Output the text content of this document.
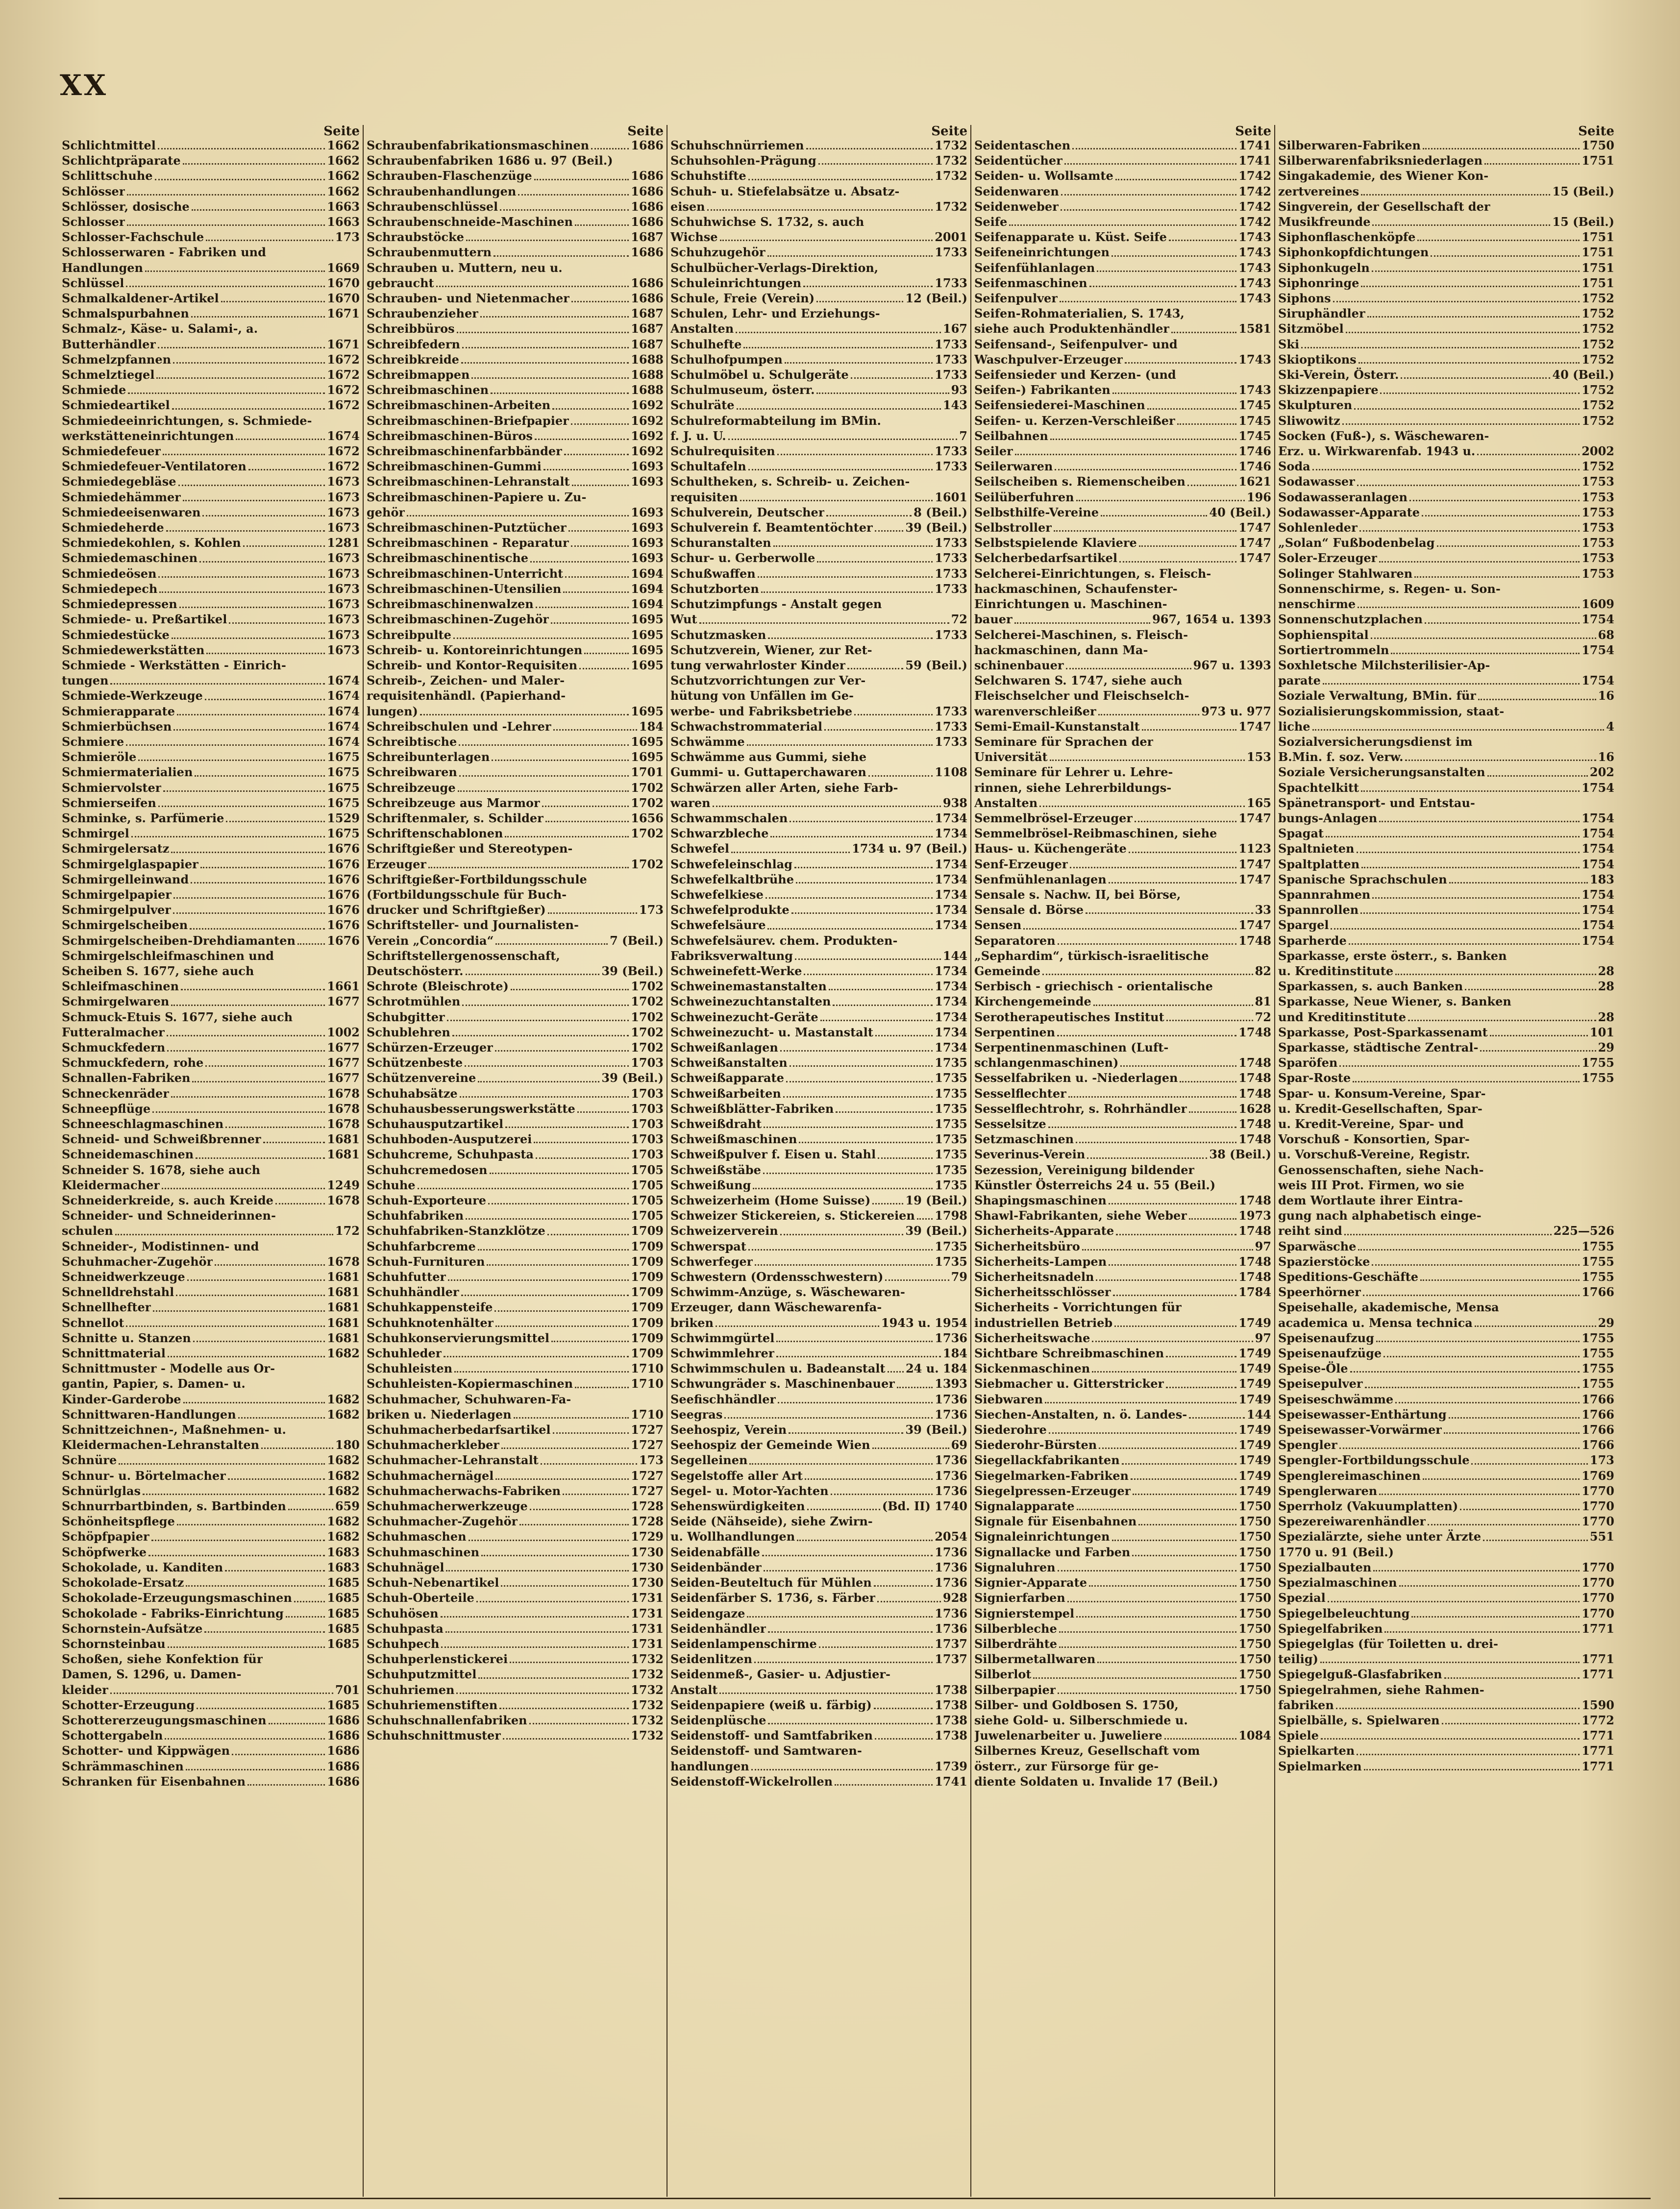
XX
Seite
Schlichtmittel	1662
Schlichtpräparate	1662
Schlittschuhe	1662
Schlösser	1662
Schlösser, dosische	1663
Schlosser	1663
Schlosser-Fachschule	173
Schlosserwaren - Fabriken und
Handlungen	1669
Schlüssel	1670
Schmalkaldener-Artikel	1670
Schmalspurbahnen	1671
Schmalz-, Käse- u. Salami-, a.
Butterhändler	1671
Schmelzpfannen	1672
Schmelztiegel	1672
Schmiede	1672
Schmiedeartikel	1672
Schmiedeeinrichtungen, s. Schmiede-
werkstätteneinrichtungen	1674
Schmiedefeuer	1672
Schmiedefeuer-Ventilatoren	1672
Schmiedegebläse	1673
Schmiedehämmer	1673
Schmiedeeisenwaren	1673
Schmiedeherde	1673
Schmiedekohlen, s. Kohlen	1281
Schmiedemaschinen	1673
Schmiedeösen	1673
Schmiedepech	1673
Schmiedepressen	1673
Schmiede- u. Preßartikel	1673
Schmiedestücke	1673
Schmiedewerkstätten	1673
Schmiede - Werkstätten - Einrich-
tungen	1674
Schmiede-Werkzeuge	1674
Schmierapparate	1674
Schmierbüchsen	1674
Schmiere	1674
Schmieröle	1675
Schmiermaterialien	1675
Schmiervolster	1675
Schmierseifen	1675
Schminke, s. Parfümerie	1529
Schmirgel	1675
Schmirgelersatz	1676
Schmirgelglaspapier	1676
Schmirgelleinwand	1676
Schmirgelpapier	1676
Schmirgelpulver	1676
Schmirgelscheiben	1676
Schmirgelscheiben-Drehdiamanten	1676
Schmirgelschleifmaschinen und
Scheiben S. 1677, siehe auch
Schleifmaschinen	1661
Schmirgelwaren	1677
Schmuck-Etuis S. 1677, siehe auch
Futteralmacher	1002
Schmuckfedern	1677
Schmuckfedern, rohe	1677
Schnallen-Fabriken	1677
Schneckenräder	1678
Schneepflüge	1678
Schneeschlagmaschinen	1678
Schneid- und Schweißbrenner	1681
Schneidemaschinen	1681
Schneider S. 1678, siehe auch
Kleidermacher	1249
Schneiderkreide, s. auch Kreide	1678
Schneider- und Schneiderinnen-
schulen	172
Schneider-, Modistinnen- und
Schuhmacher-Zugehör	1678
Schneidwerkzeuge	1681
Schnelldrehstahl	1681
Schnellhefter	1681
Schnellot	1681
Schnitte u. Stanzen	1681
Schnittmaterial	1682
Schnittmuster - Modelle aus Or-
gantin, Papier, s. Damen- u.
Kinder-Garderobe	1682
Schnittwaren-Handlungen	1682
Schnittzeichnen-, Maßnehmen- u.
Kleidermachen-Lehranstalten	180
Schnüre	1682
Schnur- u. Börtelmacher	1682
Schnürlglas	1682
Schnurrbartbinden, s. Bartbinden	659
Schönheitspflege	1682
Schöpfpapier	1682
Schöpfwerke	1683
Schokolade, u. Kanditen	1683
Schokolade-Ersatz	1685
Schokolade-Erzeugungsmaschinen	1685
Schokolade - Fabriks-Einrichtung	1685
Schornstein-Aufsätze	1685
Schornsteinbau	1685
Schoßen, siehe Konfektion für
Damen, S. 1296, u. Damen-
kleider	701
Schotter-Erzeugung	1685
Schottererzeugungsmaschinen	1686
Schottergabeln	1686
Schotter- und Kippwägen	1686
Schrämmaschinen	1686
Schranken für Eisenbahnen	1686
Seite
Schraubenfabrikationsmaschinen	1686
Schraubenfabriken 1686 u. 97 (Beil.)
Schrauben-Flaschenzüge	1686
Schraubenhandlungen	1686
Schraubenschlüssel	1686
Schraubenschneide-Maschinen	1686
Schraubstöcke	1687
Schraubenmuttern	1686
Schrauben u. Muttern, neu u.
gebraucht	1686
Schrauben- und Nietenmacher	1686
Schraubenzieher	1687
Schreibbüros	1687
Schreibfedern	1687
Schreibkreide	1688
Schreibmappen	1688
Schreibmaschinen	1688
Schreibmaschinen-Arbeiten	1692
Schreibmaschinen-Briefpapier	1692
Schreibmaschinen-Büros	1692
Schreibmaschinenfarbbänder	1692
Schreibmaschinen-Gummi	1693
Schreibmaschinen-Lehranstalt	1693
Schreibmaschinen-Papiere u. Zu-
gehör	1693
Schreibmaschinen-Putztücher	1693
Schreibmaschinen - Reparatur	1693
Schreibmaschinentische	1693
Schreibmaschinen-Unterricht	1694
Schreibmaschinen-Utensilien	1694
Schreibmaschinenwalzen	1694
Schreibmaschinen-Zugehör	1695
Schreibpulte	1695
Schreib- u. Kontoreinrichtungen	1695
Schreib- und Kontor-Requisiten	1695
Schreib-, Zeichen- und Maler-
requisitenhändl. (Papierhand-
lungen)	1695
Schreibschulen und -Lehrer	184
Schreibtische	1695
Schreibunterlagen	1695
Schreibwaren	1701
Schreibzeuge	1702
Schreibzeuge aus Marmor	1702
Schriftenmaler, s. Schilder	1656
Schriftenschablonen	1702
Schriftgießer und Stereotypen-
Erzeuger	1702
Schriftgießer-Fortbildungsschule
(Fortbildungsschule für Buch-
drucker und Schriftgießer)	173
Schriftsteller- und Journalisten-
Verein „Concordia“	7 (Beil.)
Schriftstellergenossenschaft,
Deutschösterr.	39 (Beil.)
Schrote (Bleischrote)	1702
Schrotmühlen	1702
Schubgitter	1702
Schublehren	1702
Schürzen-Erzeuger	1702
Schützenbeste	1703
Schützenvereine	39 (Beil.)
Schuhabsätze	1703
Schuhausbesserungswerkstätte	1703
Schuhausputzartikel	1703
Schuhboden-Ausputzerei	1703
Schuhcreme, Schuhpasta	1703
Schuhcremedosen	1705
Schuhe	1705
Schuh-Exporteure	1705
Schuhfabriken	1705
Schuhfabriken-Stanzklötze	1709
Schuhfarbcreme	1709
Schuh-Furnituren	1709
Schuhfutter	1709
Schuhhändler	1709
Schuhkappensteife	1709
Schuhknotenhälter	1709
Schuhkonservierungsmittel	1709
Schuhleder	1709
Schuhleisten	1710
Schuhleisten-Kopiermaschinen	1710
Schuhmacher, Schuhwaren-Fa-
briken u. Niederlagen	1710
Schuhmacherbedarfsartikel	1727
Schuhmacherkleber	1727
Schuhmacher-Lehranstalt	173
Schuhmachernägel	1727
Schuhmacherwachs-Fabriken	1727
Schuhmacherwerkzeuge	1728
Schuhmacher-Zugehör	1728
Schuhmaschen	1729
Schuhmaschinen	1730
Schuhnägel	1730
Schuh-Nebenartikel	1730
Schuh-Oberteile	1731
Schuhösen	1731
Schuhpasta	1731
Schuhpech	1731
Schuhperlenstickerei	1732
Schuhputzmittel	1732
Schuhriemen	1732
Schuhriemenstiften	1732
Schuhschnallenfabriken	1732
Schuhschnittmuster	1732
Seite
Schuhschnürriemen	1732
Schuhsohlen-Prägung	1732
Schuhstifte	1732
Schuh- u. Stiefelabsätze u. Absatz-
eisen	1732
Schuhwichse S. 1732, s. auch
Wichse	2001
Schuhzugehör	1733
Schulbücher-Verlags-Direktion,
Schuleinrichtungen	1733
Schule, Freie (Verein)	12 (Beil.)
Schulen, Lehr- und Erziehungs-
Anstalten	167
Schulhefte	1733
Schulhofpumpen	1733
Schulmöbel u. Schulgeräte	1733
Schulmuseum, österr.	93
Schulräte	143
Schulreformabteilung im BMin.
f. J. u. U.	7
Schulrequisiten	1733
Schultafeln	1733
Schultheken, s. Schreib- u. Zeichen-
requisiten	1601
Schulverein, Deutscher	8 (Beil.)
Schulverein f. Beamtentöchter	39 (Beil.)
Schuranstalten	1733
Schur- u. Gerberwolle	1733
Schußwaffen	1733
Schutzborten	1733
Schutzimpfungs - Anstalt gegen
Wut	72
Schutzmasken	1733
Schutzverein, Wiener, zur Ret-
tung verwahrloster Kinder	59 (Beil.)
Schutzvorrichtungen zur Ver-
hütung von Unfällen im Ge-
werbe- und Fabriksbetriebe	1733
Schwachstrommaterial	1733
Schwämme	1733
Schwämme aus Gummi, siehe
Gummi- u. Guttaperchawaren	1108
Schwärzen aller Arten, siehe Farb-
waren	938
Schwammschalen	1734
Schwarzbleche	1734
Schwefel	1734 u. 97 (Beil.)
Schwefeleinschlag	1734
Schwefelkaltbrühe	1734
Schwefelkiese	1734
Schwefelprodukte	1734
Schwefelsäure	1734
Schwefelsäurev. chem. Produkten-
Fabriksverwaltung	144
Schweinefett-Werke	1734
Schweinemastanstalten	1734
Schweinezuchtanstalten	1734
Schweinezucht-Geräte	1734
Schweinezucht- u. Mastanstalt	1734
Schweißanlagen	1734
Schweißanstalten	1735
Schweißapparate	1735
Schweißarbeiten	1735
Schweißblätter-Fabriken	1735
Schweißdraht	1735
Schweißmaschinen	1735
Schweißpulver f. Eisen u. Stahl	1735
Schweißstäbe	1735
Schweißung	1735
Schweizerheim (Home Suisse)	19 (Beil.)
Schweizer Stickereien, s. Stickereien 1798
Schweizerverein	39 (Beil.)
Schwerspat	1735
Schwerfeger	1735
Schwestern (Ordensschwestern)	79
Schwimm-Anzüge, s. Wäschewaren-
Erzeuger, dann Wäschewarenfa-
briken	1943 u. 1954
Schwimmgürtel	1736
Schwimmlehrer	184
Schwimmschulen u. Badeanstalt 24 u. 184
Schwungräder s. Maschinenbauer	1393
Seefischhändler	1736
Seegras	1736
Seehospiz, Verein	39 (Beil.)
Seehospiz der Gemeinde Wien	69
Segelleinen	1736
Segelstoffe aller Art	1736
Segel- u. Motor-Yachten	1736
Sehenswürdigkeiten	(Bd. II) 1740
Seide (Nähseide), siehe Zwirn-
u. Wollhandlungen	2054
Seidenabfälle	1736
Seidenbänder	1736
Seiden-Beuteltuch für Mühlen	1736
Seidenfärber S. 1736, s. Färber	928
Seidengaze	1736
Seidenhändler	1736
Seidenlampenschirme	1737
Seidenlitzen	1737
Seidenmeß-, Gasier- u. Adjustier-
Anstalt	1738
Seidenpapiere (weiß u. färbig)	1738
Seidenplüsche	1738
Seidenstoff- und Samtfabriken	1738
Seidenstoff- und Samtwaren-
handlungen	1739
Seidenstoff-Wickelrollen	1741
Seite
Seidentaschen	1741
Seidentücher	1741
Seiden- u. Wollsamte	1742
Seidenwaren	1742
Seidenweber	1742
Seife	1742
Seifenapparate u. Küst. Seife	1743
Seifeneinrichtungen	1743
Seifenfühlanlagen	1743
Seifenmaschinen	1743
Seifenpulver	1743
Seifen-Rohmaterialien, S. 1743,
siehe auch Produktenhändler	1581
Seifensand-, Seifenpulver- und
Waschpulver-Erzeuger	1743
Seifensieder und Kerzen- (und
Seifen-) Fabrikanten	1743
Seifensiederei-Maschinen	1745
Seifen- u. Kerzen-Verschleißer	1745
Seilbahnen	1745
Seiler	1746
Seilerwaren	1746
Seilscheiben s. Riemenscheiben	1621
Seilüberfuhren	196
Selbsthilfe-Vereine	40 (Beil.)
Selbstroller	1747
Selbstspielende Klaviere	1747
Selcherbedarfsartikel	1747
Selcherei-Einrichtungen, s. Fleisch-
hackmaschinen, Schaufenster-
Einrichtungen u. Maschinen-
bauer	967, 1654 u. 1393
Selcherei-Maschinen, s. Fleisch-
hackmaschinen, dann Ma-
schinenbauer	967 u. 1393
Selchwaren S. 1747, siehe auch
Fleischselcher und Fleischselch-
warenverschleißer	973 u. 977
Semi-Email-Kunstanstalt	1747
Seminare für Sprachen der
Universität	153
Seminare für Lehrer u. Lehre-
rinnen, siehe Lehrerbildungs-
Anstalten	165
Semmelbrösel-Erzeuger	1747
Semmelbrösel-Reibmaschinen, siehe
Haus- u. Küchengeräte	1123
Senf-Erzeuger	1747
Senfmühlenanlagen	1747
Sensale s. Nachw. II, bei Börse,
Sensale d. Börse	33
Sensen	1747
Separatoren	1748
„Sephardim“, türkisch-israelitische
Gemeinde	82
Serbisch - griechisch - orientalische
Kirchengemeinde	81
Serotherapeutisches Institut	72
Serpentinen	1748
Serpentinenmaschinen (Luft-
schlangenmaschinen)	1748
Sesselfabriken u. -Niederlagen	1748
Sesselflechter	1748
Sesselflechtrohr, s. Rohrhändler	1628
Sesselsitze	1748
Setzmaschinen	1748
Severinus-Verein	38 (Beil.)
Sezession, Vereinigung bildender
Künstler Österreichs 24 u. 55 (Beil.)
Shapingsmaschinen	1748
Shawl-Fabrikanten, siehe Weber	1973
Sicherheits-Apparate	1748
Sicherheitsbüro	97
Sicherheits-Lampen	1748
Sicherheitsnadeln	1748
Sicherheitsschlösser	1784
Sicherheits - Vorrichtungen für
industriellen Betrieb	1749
Sicherheitswache	97
Sichtbare Schreibmaschinen	1749
Sickenmaschinen	1749
Siebmacher u. Gitterstricker	1749
Siebwaren	1749
Siechen-Anstalten, n. ö. Landes-	144
Siederohre	1749
Siederohr-Bürsten	1749
Siegellackfabrikanten	1749
Siegelmarken-Fabriken	1749
Siegelpressen-Erzeuger	1749
Signalapparate	1750
Signale für Eisenbahnen	1750
Signaleinrichtungen	1750
Signallacke und Farben	1750
Signaluhren	1750
Signier-Apparate	1750
Signierfarben	1750
Signierstempel	1750
Silberbleche	1750
Silberdrähte	1750
Silbermetallwaren	1750
Silberlot	1750
Silberpapier	1750
Silber- und Goldbosen S. 1750,
siehe Gold- u. Silberschmiede u.
Juwelenarbeiter u. Juweliere	1084
Silbernes Kreuz, Gesellschaft vom
österr., zur Fürsorge für ge-
diente Soldaten u. Invalide 17 (Beil.)
Seite
Silberwaren-Fabriken	1750
Silberwarenfabriksniederlagen	1751
Singakademie, des Wiener Kon-
zertvereines	15 (Beil.)
Singverein, der Gesellschaft der
Musikfreunde	15 (Beil.)
Siphonflaschenköpfe	1751
Siphonkopfdichtungen	1751
Siphonkugeln	1751
Siphonringe	1751
Siphons	1752
Siruphändler	1752
Sitzmöbel	1752
Ski	1752
Skioptikons	1752
Ski-Verein, Österr.	40 (Beil.)
Skizzenpapiere	1752
Skulpturen	1752
Sliwowitz	1752
Socken (Fuß-), s. Wäschewaren-
Erz. u. Wirkwarenfab. 1943 u.	2002
Soda	1752
Sodawasser	1753
Sodawasseranlagen	1753
Sodawasser-Apparate	1753
Sohlenleder	1753
„Solan“ Fußbodenbelag	1753
Soler-Erzeuger	1753
Solinger Stahlwaren	1753
Sonnenschirme, s. Regen- u. Son-
nenschirme	1609
Sonnenschutzplachen	1754
Sophienspital	68
Sortiertrommeln	1754
Soxhletsche Milchsterilisier-Ap-
parate	1754
Soziale Verwaltung, BMin. für	16
Sozialisierungskommission, staat-
liche	4
Sozialversicherungsdienst im
B.Min. f. soz. Verw.	16
Soziale Versicherungsanstalten	202
Spachtelkitt	1754
Spänetransport- und Entstau-
bungs-Anlagen	1754
Spagat	1754
Spaltnieten	1754
Spaltplatten	1754
Spanische Sprachschulen	183
Spannrahmen	1754
Spannrollen	1754
Spargel	1754
Sparherde	1754
Sparkasse, erste österr., s. Banken
u. Kreditinstitute	28
Sparkassen, s. auch Banken	28
Sparkasse, Neue Wiener, s. Banken
und Kreditinstitute	28
Sparkasse, Post-Sparkassenamt	101
Sparkasse, städtische Zentral-	29
Sparöfen	1755
Spar-Roste	1755
Spar- u. Konsum-Vereine, Spar-
u. Kredit-Gesellschaften, Spar-
u. Kredit-Vereine, Spar- und
Vorschuß - Konsortien, Spar-
u. Vorschuß-Vereine, Registr.
Genossenschaften, siehe Nach-
weis III Prot. Firmen, wo sie
dem Wortlaute ihrer Eintra-
gung nach alphabetisch einge-
reiht sind	225—526
Sparwäsche	1755
Spazierstöcke	1755
Speditions-Geschäfte	1755
Speerhörner	1766
Speisehalle, akademische, Mensa
academica u. Mensa technica	29
Speisenaufzug	1755
Speisenaufzüge	1755
Speise-Öle	1755
Speisepulver	1755
Speiseschwämme	1766
Speisewasser-Enthärtung	1766
Speisewasser-Vorwärmer	1766
Spengler	1766
Spengler-Fortbildungsschule	173
Spenglereimaschinen	1769
Spenglerwaren	1770
Sperrholz (Vakuumplatten)	1770
Spezereiwarenhändler	1770
Spezialärzte, siehe unter Ärzte	551
1770 u. 91 (Beil.)
Spezialbauten	1770
Spezialmaschinen	1770
Spezial	1770
Spiegelbeleuchtung	1770
Spiegelfabriken	1771
Spiegelglas (für Toiletten u. drei-
teilig)	1771
Spiegelguß-Glasfabriken	1771
Spiegelrahmen, siehe Rahmen-
fabriken	1590
Spielbälle, s. Spielwaren	1772
Spiele	1771
Spielkarten	1771
Spielmarken	1771
